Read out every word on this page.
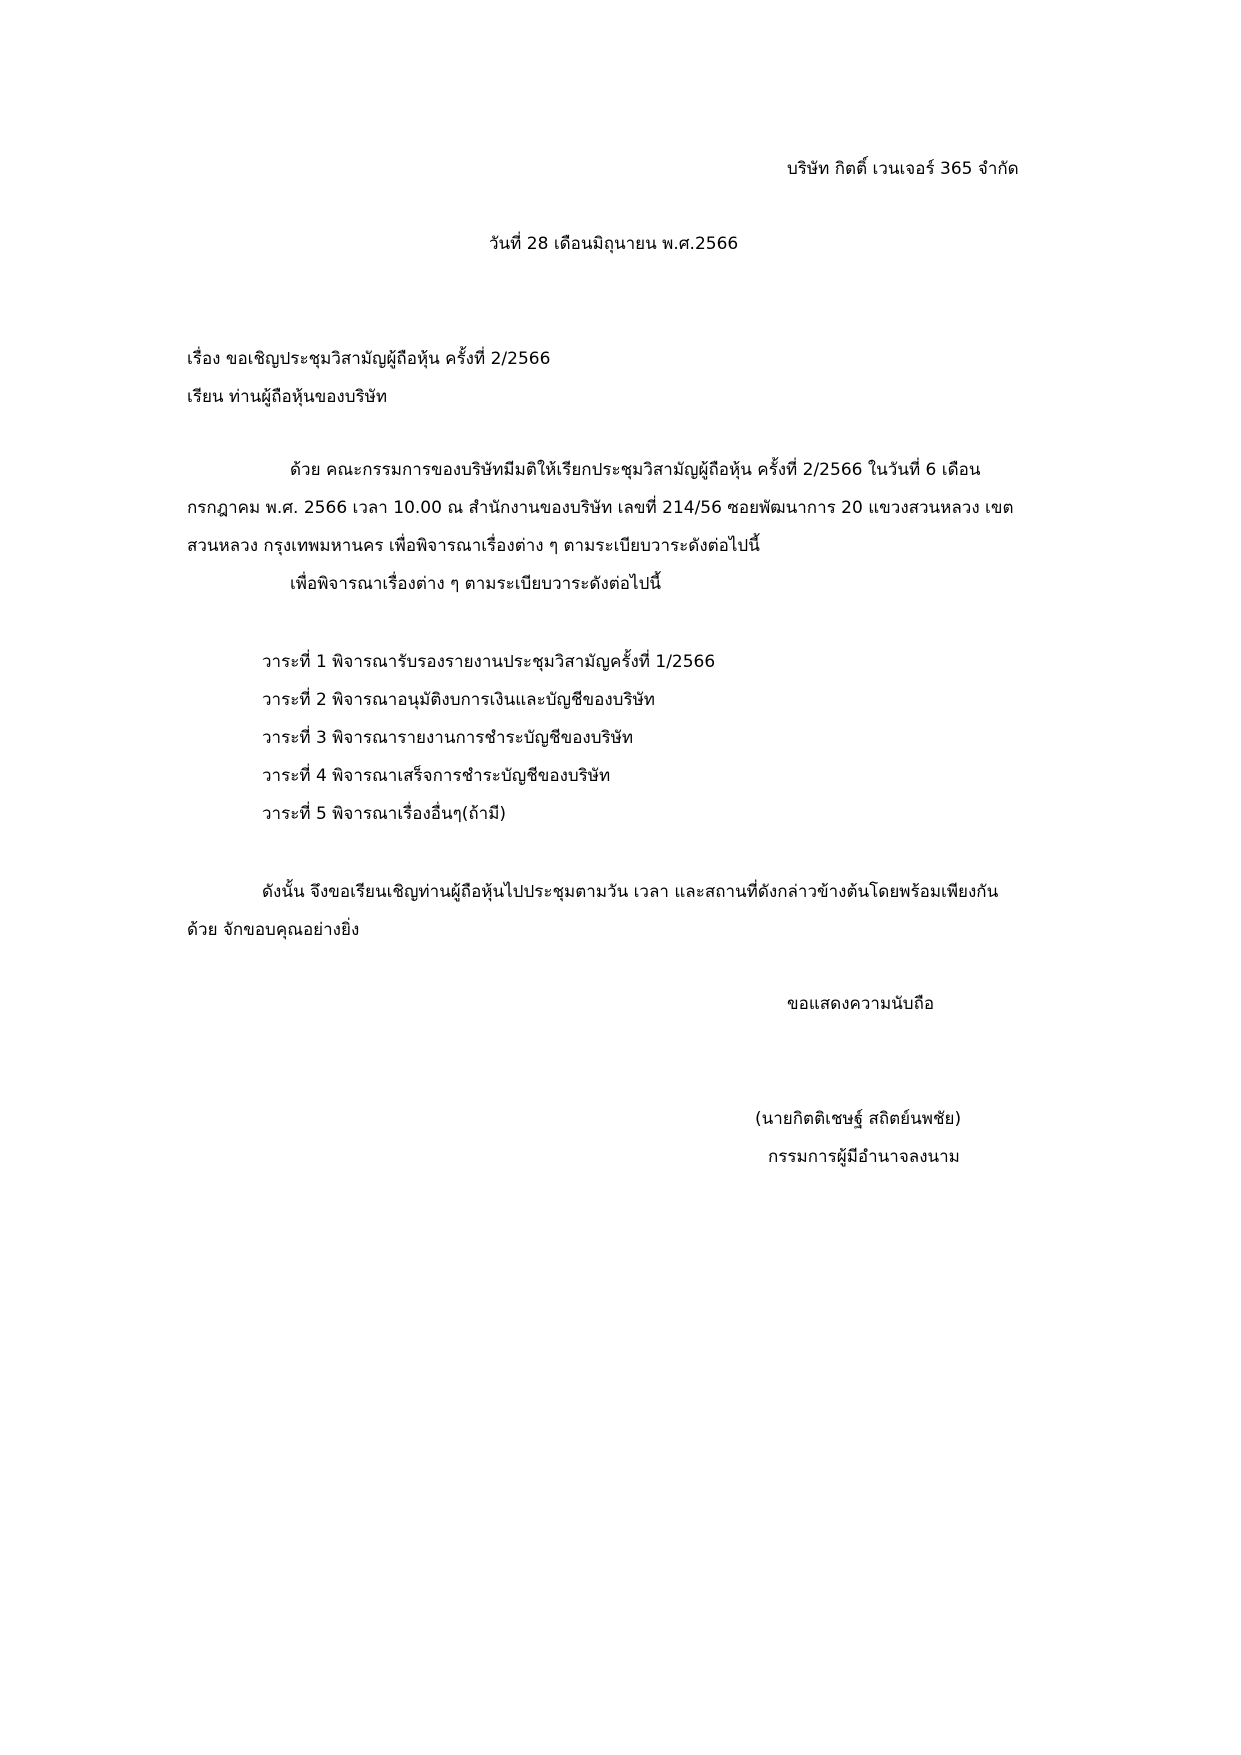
บริษัท กิตติ์ เวนเจอร์ 365 จำกัด
วันที่ 28 เดือนมิถุนายน พ.ศ.2566
เรื่อง ขอเชิญประชุมวิสามัญผู้ถือหุ้น ครั้งที่ 2/2566
เรียน ท่านผู้ถือหุ้นของบริษัท
ด้วย คณะกรรมการของบริษัทมีมติให้เรียกประชุมวิสามัญผู้ถือหุ้น ครั้งที่ 2/2566 ในวันที่ 6 เดือน
กรกฎาคม พ.ศ. 2566 เวลา 10.00 ณ สำนักงานของบริษัท เลขที่ 214/56 ซอยพัฒนาการ 20 แขวงสวนหลวง เขต
สวนหลวง กรุงเทพมหานคร เพื่อพิจารณาเรื่องต่าง ๆ ตามระเบียบวาระดังต่อไปนี้
เพื่อพิจารณาเรื่องต่าง ๆ ตามระเบียบวาระดังต่อไปนี้
วาระที่ 1 พิจารณารับรองรายงานประชุมวิสามัญครั้งที่ 1/2566
วาระที่ 2 พิจารณาอนุมัติงบการเงินและบัญชีของบริษัท
วาระที่ 3 พิจารณารายงานการชำระบัญชีของบริษัท
วาระที่ 4 พิจารณาเสร็จการชำระบัญชีของบริษัท
วาระที่ 5 พิจารณาเรื่องอื่นๆ(ถ้ามี)
ดังนั้น จึงขอเรียนเชิญท่านผู้ถือหุ้นไปประชุมตามวัน เวลา และสถานที่ดังกล่าวข้างต้นโดยพร้อมเพียงกัน
ด้วย จักขอบคุณอย่างยิ่ง
ขอแสดงความนับถือ
(นายกิตติเชษฐ์ สถิตย์นพชัย)
กรรมการผู้มีอำนาจลงนาม
